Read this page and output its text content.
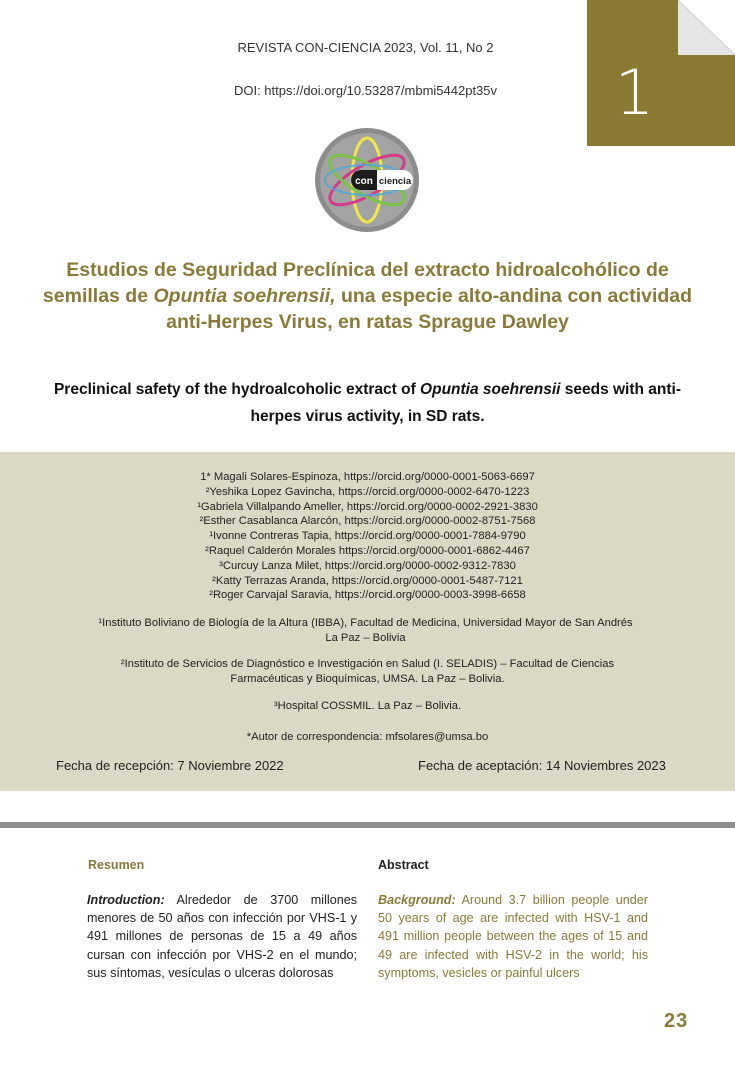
REVISTA CON-CIENCIA 2023, Vol. 11, No 2
DOI: https://doi.org/10.53287/mbmi5442pt35v	1
con ciencia
Estudios de Seguridad Preclínica del extracto hidroalcohólico de semillas de Opuntia soehrensii, una especie alto-andina con actividad anti-Herpes Virus, en ratas Sprague Dawley
Preclinical safety of the hydroalcoholic extract of Opuntia soehrensii seeds with anti-herpes virus activity, in SD rats.
1* Magali Solares-Espinoza, https://orcid.org/0000-0001-5063-6697
²Yeshika Lopez Gavincha, https://orcid.org/0000-0002-6470-1223
¹Gabriela Villalpando Ameller, https://orcid.org/0000-0002-2921-3830
²Esther Casablanca Alarcón, https://orcid.org/0000-0002-8751-7568
¹Ivonne Contreras Tapia, https://orcid.org/0000-0001-7884-9790
²Raquel Calderón Morales https://orcid.org/0000-0001-6862-4467
³Curcuy Lanza Milet, https://orcid.org/0000-0002-9312-7830
²Katty Terrazas Aranda, https://orcid.org/0000-0001-5487-7121
²Roger Carvajal Saravia, https://orcid.org/0000-0003-3998-6658
¹Instituto Boliviano de Biología de la Altura (IBBA), Facultad de Medicina, Universidad Mayor de San Andrés
La Paz – Bolivia
²Instituto de Servicios de Diagnóstico e Investigación en Salud (I. SELADIS) – Facultad de Ciencias
Farmacéuticas y Bioquímicas, UMSA. La Paz – Bolivia.
³Hospital COSSMIL. La Paz – Bolivia.
*Autor de correspondencia: mfsolares@umsa.bo
Fecha de recepción: 7 Noviembre 2022	Fecha de aceptación: 14 Noviembres 2023
Resumen	Abstract
Introduction: Alrededor de 3700 millones menores de 50 años con infección por VHS-1 y 491 millones de personas de 15 a 49 años cursan con infección por VHS-2 en el mundo; sus síntomas, vesículas o ulceras dolorosas
Background: Around 3.7 billion people under 50 years of age are infected with HSV-1 and 491 million people between the ages of 15 and 49 are infected with HSV-2 in the world; his symptoms, vesicles or painful ulcers
23
